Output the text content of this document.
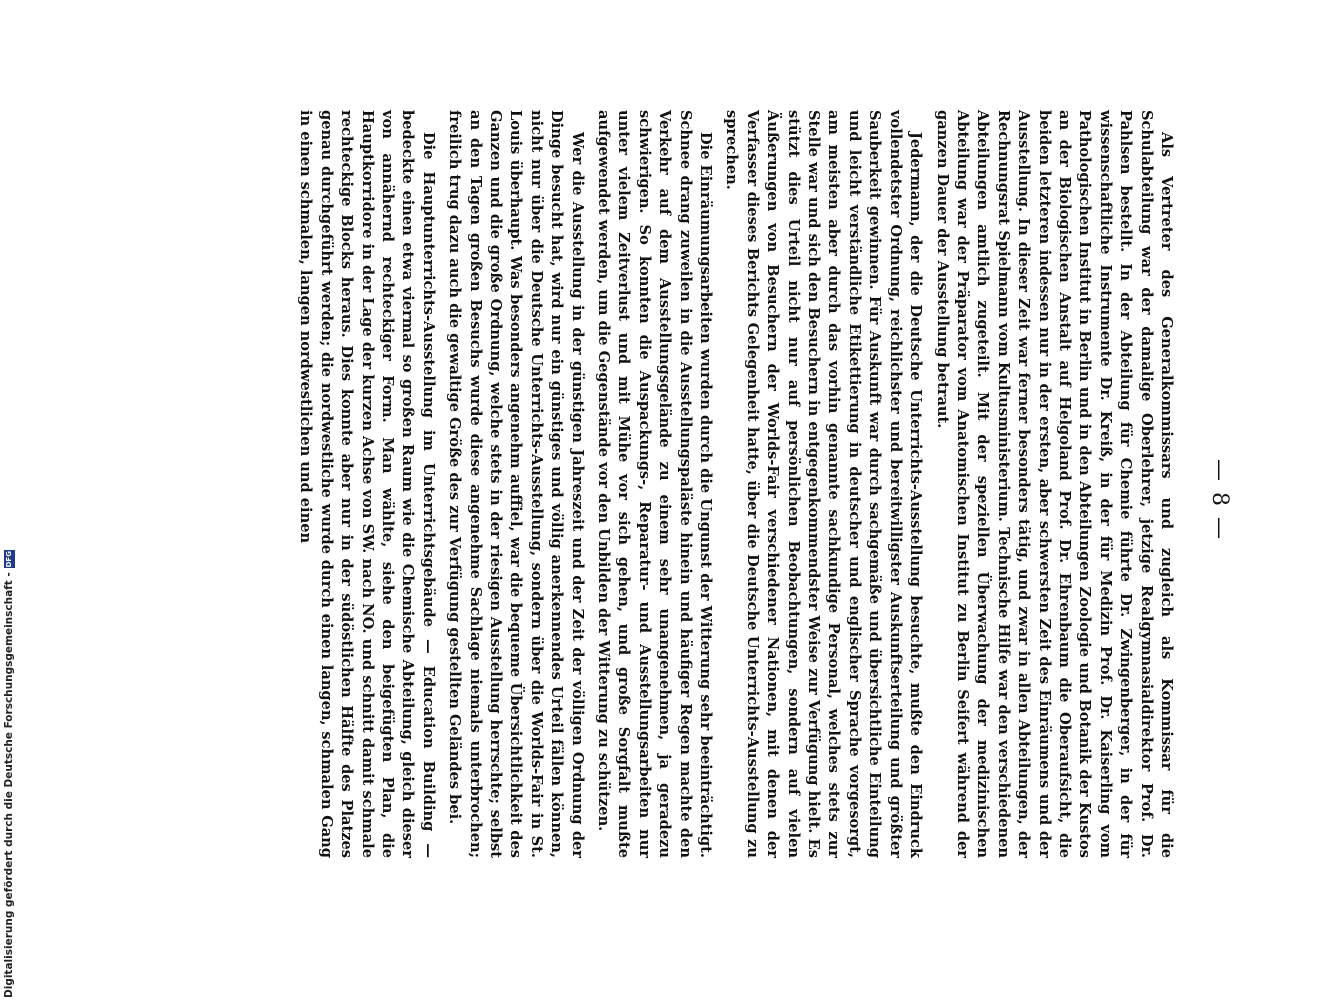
— 8 —

Als Vertreter des Generalkommissars und zugleich als Kommissar für die Schulabteilung war der damalige Oberlehrer, jetzige Realgymnasialdirektor Prof. Dr. Pahlsen bestellt. In der Abteilung für Chemie führte Dr. Zwingenberger, in der für wissenschaftliche Instrumente Dr. Kreiß, in der für Medizin Prof. Dr. Kaiserling vom Pathologischen Institut in Berlin und in den Abteilungen Zoologie und Botanik der Kustos an der Biologischen Anstalt auf Helgoland Prof. Dr. Ehrenbaum die Oberaufsicht, die beiden letzteren indessen nur in der ersten, aber schwersten Zeit des Einräumens und der Ausstellung. In dieser Zeit war ferner besonders tätig, und zwar in allen Abteilungen, der Rechnungsrat Spielmann vom Kultusministerium. Technische Hilfe war den verschiedenen Abteilungen amtlich zugeteilt. Mit der speziellen Überwachung der medizinischen Abteilung war der Präparator vom Anatomischen Institut zu Berlin Seifert während der ganzen Dauer der Ausstellung betraut.

Jedermann, der die Deutsche Unterrichts-Ausstellung besuchte, mußte den Eindruck vollendetster Ordnung, reichlichster und bereitwilligster Auskunftserteilung und größter Sauberkeit gewinnen. Für Auskunft war durch sachgemäße und übersichtliche Einteilung und leicht verständliche Etikettierung in deutscher und englischer Sprache vorgesorgt, am meisten aber durch das vorhin genannte sachkundige Personal, welches stets zur Stelle war und sich den Besuchern in entgegenkommendster Weise zur Verfügung hielt. Es stützt dies Urteil nicht nur auf persönlichen Beobachtungen, sondern auf vielen Äußerungen von Besuchern der Worlds-Fair verschiedener Nationen, mit denen der Verfasser dieses Berichts Gelegenheit hatte, über die Deutsche Unterrichts-Ausstellung zu sprechen.

Die Einräumungsarbeiten wurden durch die Ungunst der Witterung sehr beeinträchtigt. Schnee drang zuweilen in die Ausstellungspaläste hinein und häufiger Regen machte den Verkehr auf dem Ausstellungsgelände zu einem sehr unangenehmen, ja geradezu schwierigen. So konnten die Auspackungs-, Reparatur- und Ausstellungsarbeiten nur unter vielem Zeitverlust und mit Mühe vor sich gehen, und große Sorgfalt mußte aufgewendet werden, um die Gegenstände vor den Unbilden der Witterung zu schützen.

Wer die Ausstellung in der günstigen Jahreszeit und der Zeit der völligen Ordnung der Dinge besucht hat, wird nur ein günstiges und völlig anerkennendes Urteil fällen können, nicht nur über die Deutsche Unterrichts-Ausstellung, sondern über die Worlds-Fair in St. Louis überhaupt. Was besonders angenehm auffiel, war die bequeme Übersichtlichkeit des Ganzen und die große Ordnung, welche stets in der riesigen Ausstellung herrschte; selbst an den Tagen großen Besuchs wurde diese angenehme Sachlage niemals unterbrochen; freilich trug dazu auch die gewaltige Größe des zur Verfügung gestellten Geländes bei.

Die Hauptunterrichts-Ausstellung im Unterrichtsgebäude — Education Building — bedeckte einen etwa viermal so großen Raum wie die Chemische Abteilung, gleich dieser von annähernd rechteckiger Form. Man wählte, siehe den beigefügten Plan, die Hauptkorridore in der Lage der kurzen Achse von SW. nach NO. und schnitt damit schmale rechteckige Blocks heraus. Dies konnte aber nur in der südöstlichen Hälfte des Platzes genau durchgeführt werden; die nordwestliche wurde durch einen langen, schmalen Gang in einen schmalen, langen nordwestlichen und einen

Digitalisierung gefördert durch die Deutsche Forschungsgemeinschaft -
DFG
